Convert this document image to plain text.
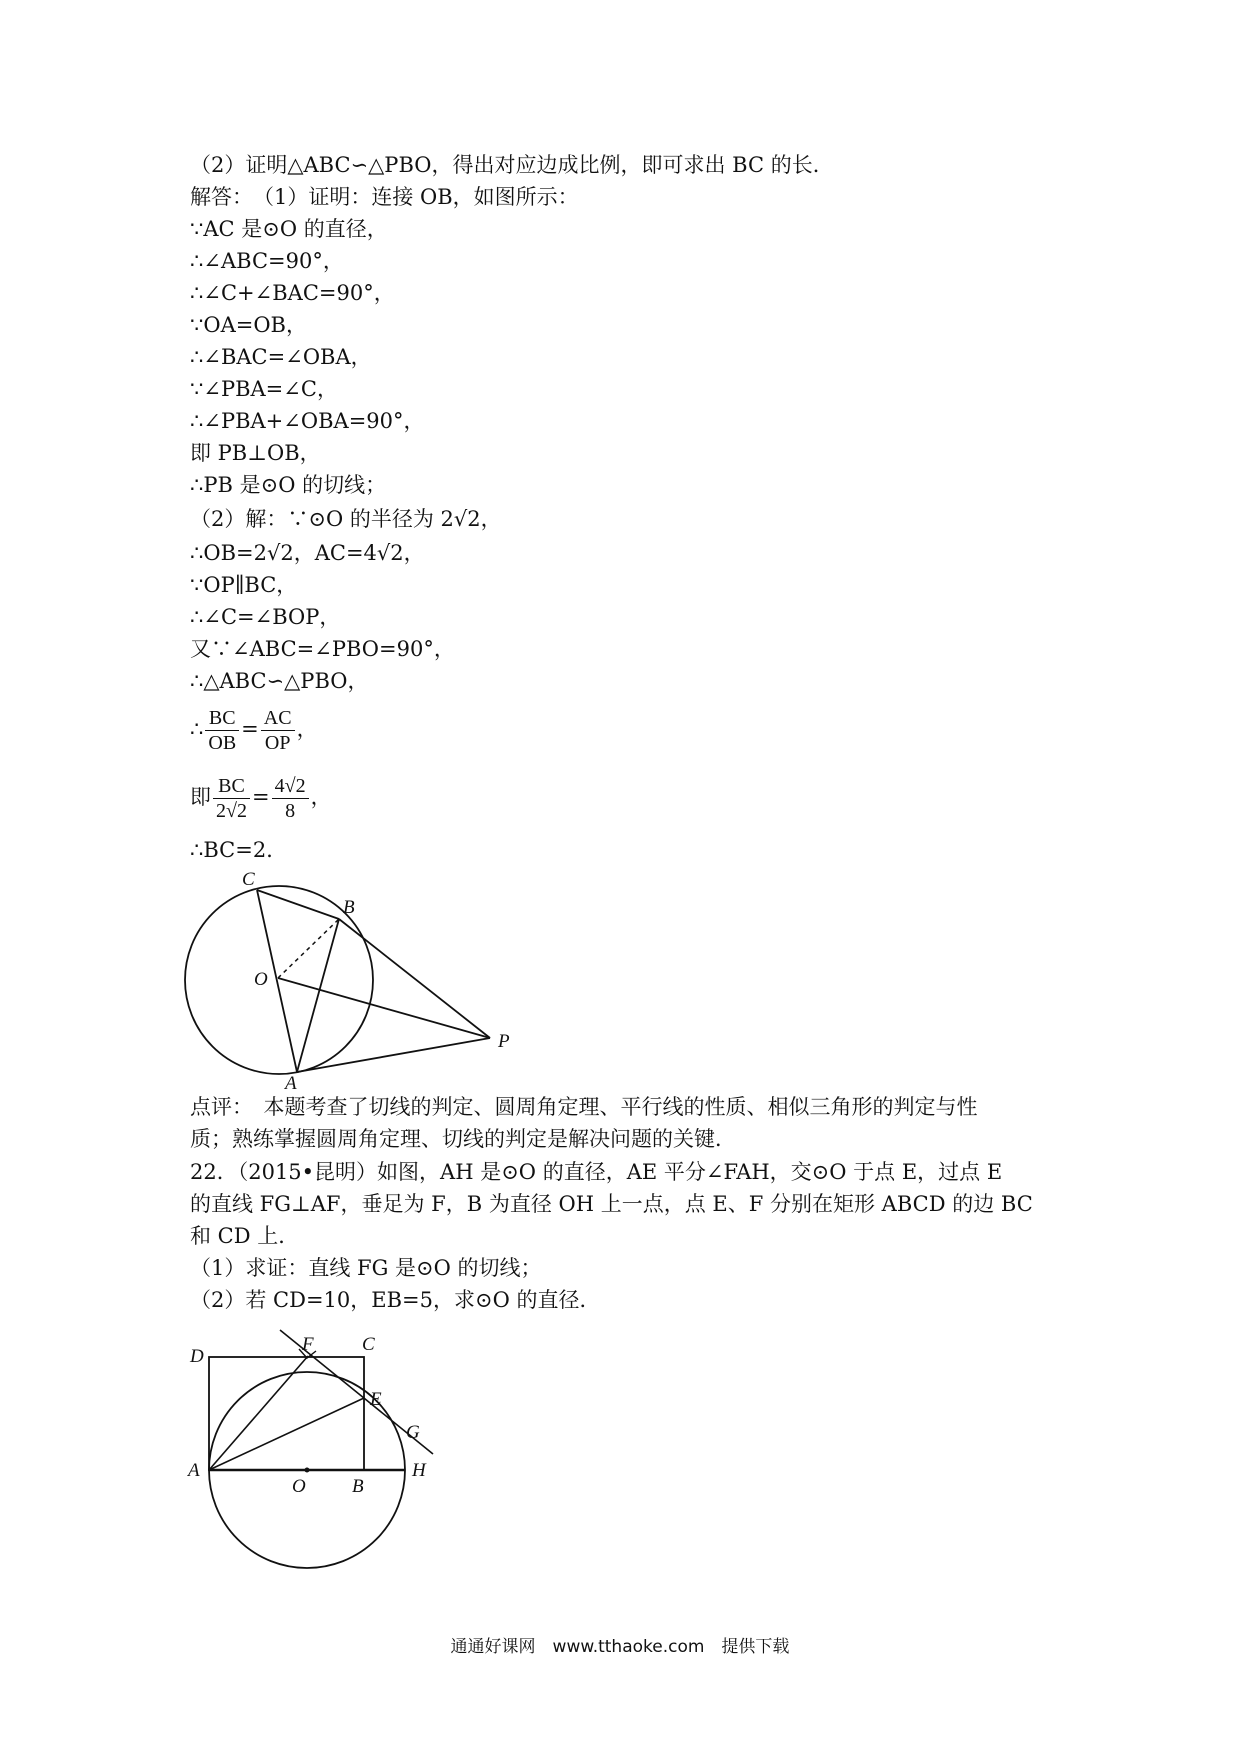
（2）证明△ABC∽△PBO，得出对应边成比例，即可求出 BC 的长．
解答：　（1）证明：连接 OB，如图所示：
∵AC 是⊙O 的直径，
∴∠ABC=90°，
∴∠C+∠BAC=90°，
∵OA=OB，
∴∠BAC=∠OBA，
∵∠PBA=∠C，
∴∠PBA+∠OBA=90°，
即 PB⊥OB，
∴PB 是⊙O 的切线；
（2）解：∵⊙O 的半径为 2√2，
∴OB=2√2，AC=4√2，
∵OP∥BC，
∴∠C=∠BOP，
又∵∠ABC=∠PBO=90°，
∴△ABC∽△PBO，
∴ $\frac{BC}{OB} = \frac{AC}{OP}$ ，
即 $\frac{BC}{2√2} = \frac{4√2}{8}$ ，
∴BC=2．
C
B
O
A
P
点评：　本题考查了切线的判定、圆周角定理、平行线的性质、相似三角形的判定与性
质；熟练掌握圆周角定理、切线的判定是解决问题的关键．
22．（2015•昆明）如图，AH 是⊙O 的直径，AE 平分∠FAH，交⊙O 于点 E，过点 E
的直线 FG⊥AF，垂足为 F，B 为直径 OH 上一点，点 E、F 分别在矩形 ABCD 的边 BC
和 CD 上．
（1）求证：直线 FG 是⊙O 的切线；
（2）若 CD=10，EB=5，求⊙O 的直径．
D
F	C
E
G
A
O B
H
通通好课网　www.tthaoke.com　提供下载
